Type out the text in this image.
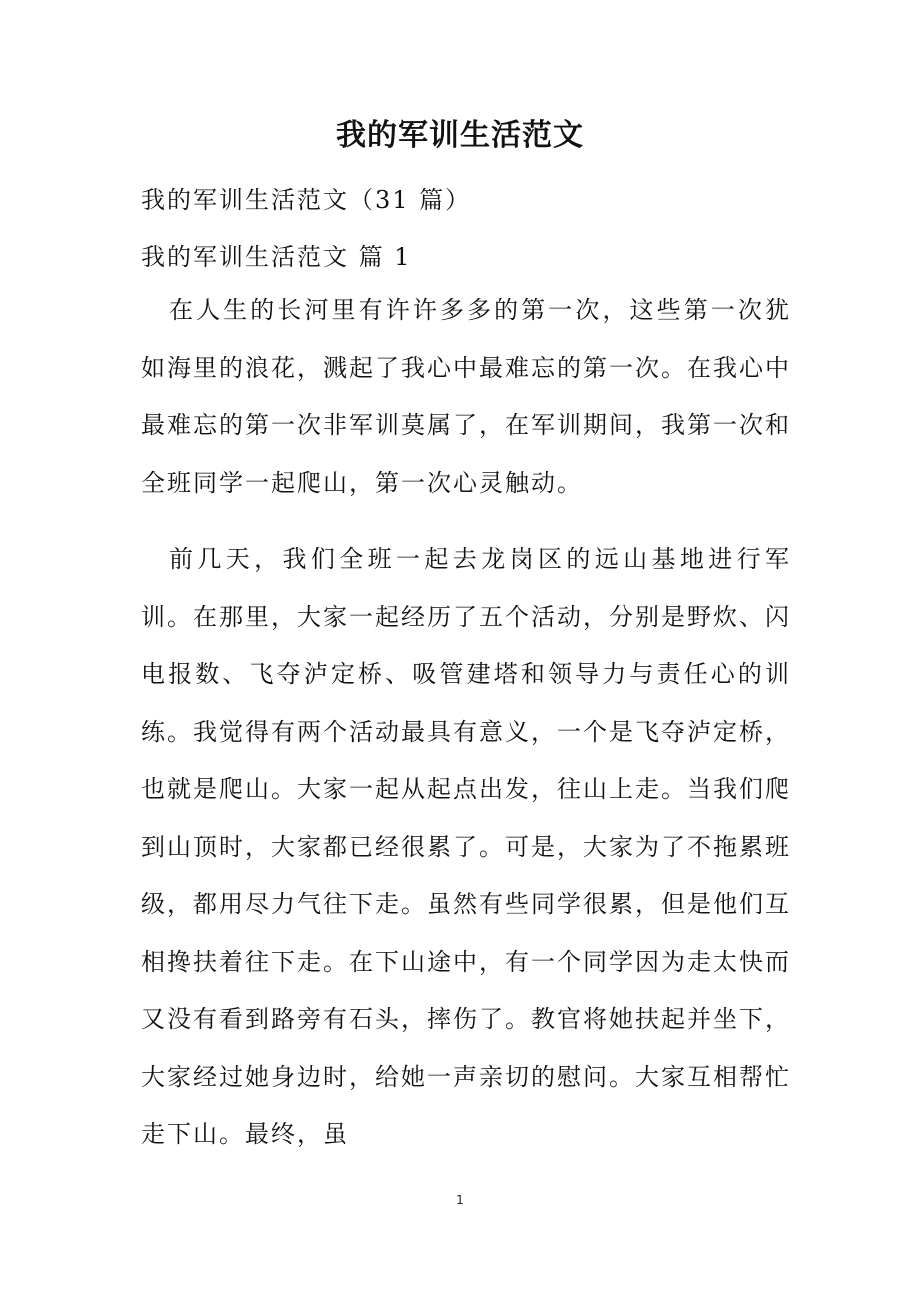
我的军训生活范文
我的军训生活范文（31 篇）
我的军训生活范文 篇 1

在人生的长河里有许许多多的第一次，这些第一次犹如海里的浪花，溅起了我心中最难忘的第一次。在我心中最难忘的第一次非军训莫属了，在军训期间，我第一次和全班同学一起爬山，第一次心灵触动。

前几天，我们全班一起去龙岗区的远山基地进行军训。在那里，大家一起经历了五个活动，分别是野炊、闪电报数、飞夺泸定桥、吸管建塔和领导力与责任心的训练。我觉得有两个活动最具有意义，一个是飞夺泸定桥，也就是爬山。大家一起从起点出发，往山上走。当我们爬到山顶时，大家都已经很累了。可是，大家为了不拖累班级，都用尽力气往下走。虽然有些同学很累，但是他们互相搀扶着往下走。在下山途中，有一个同学因为走太快而又没有看到路旁有石头，摔伤了。教官将她扶起并坐下，大家经过她身边时，给她一声亲切的慰问。大家互相帮忙走下山。最终，虽

1
